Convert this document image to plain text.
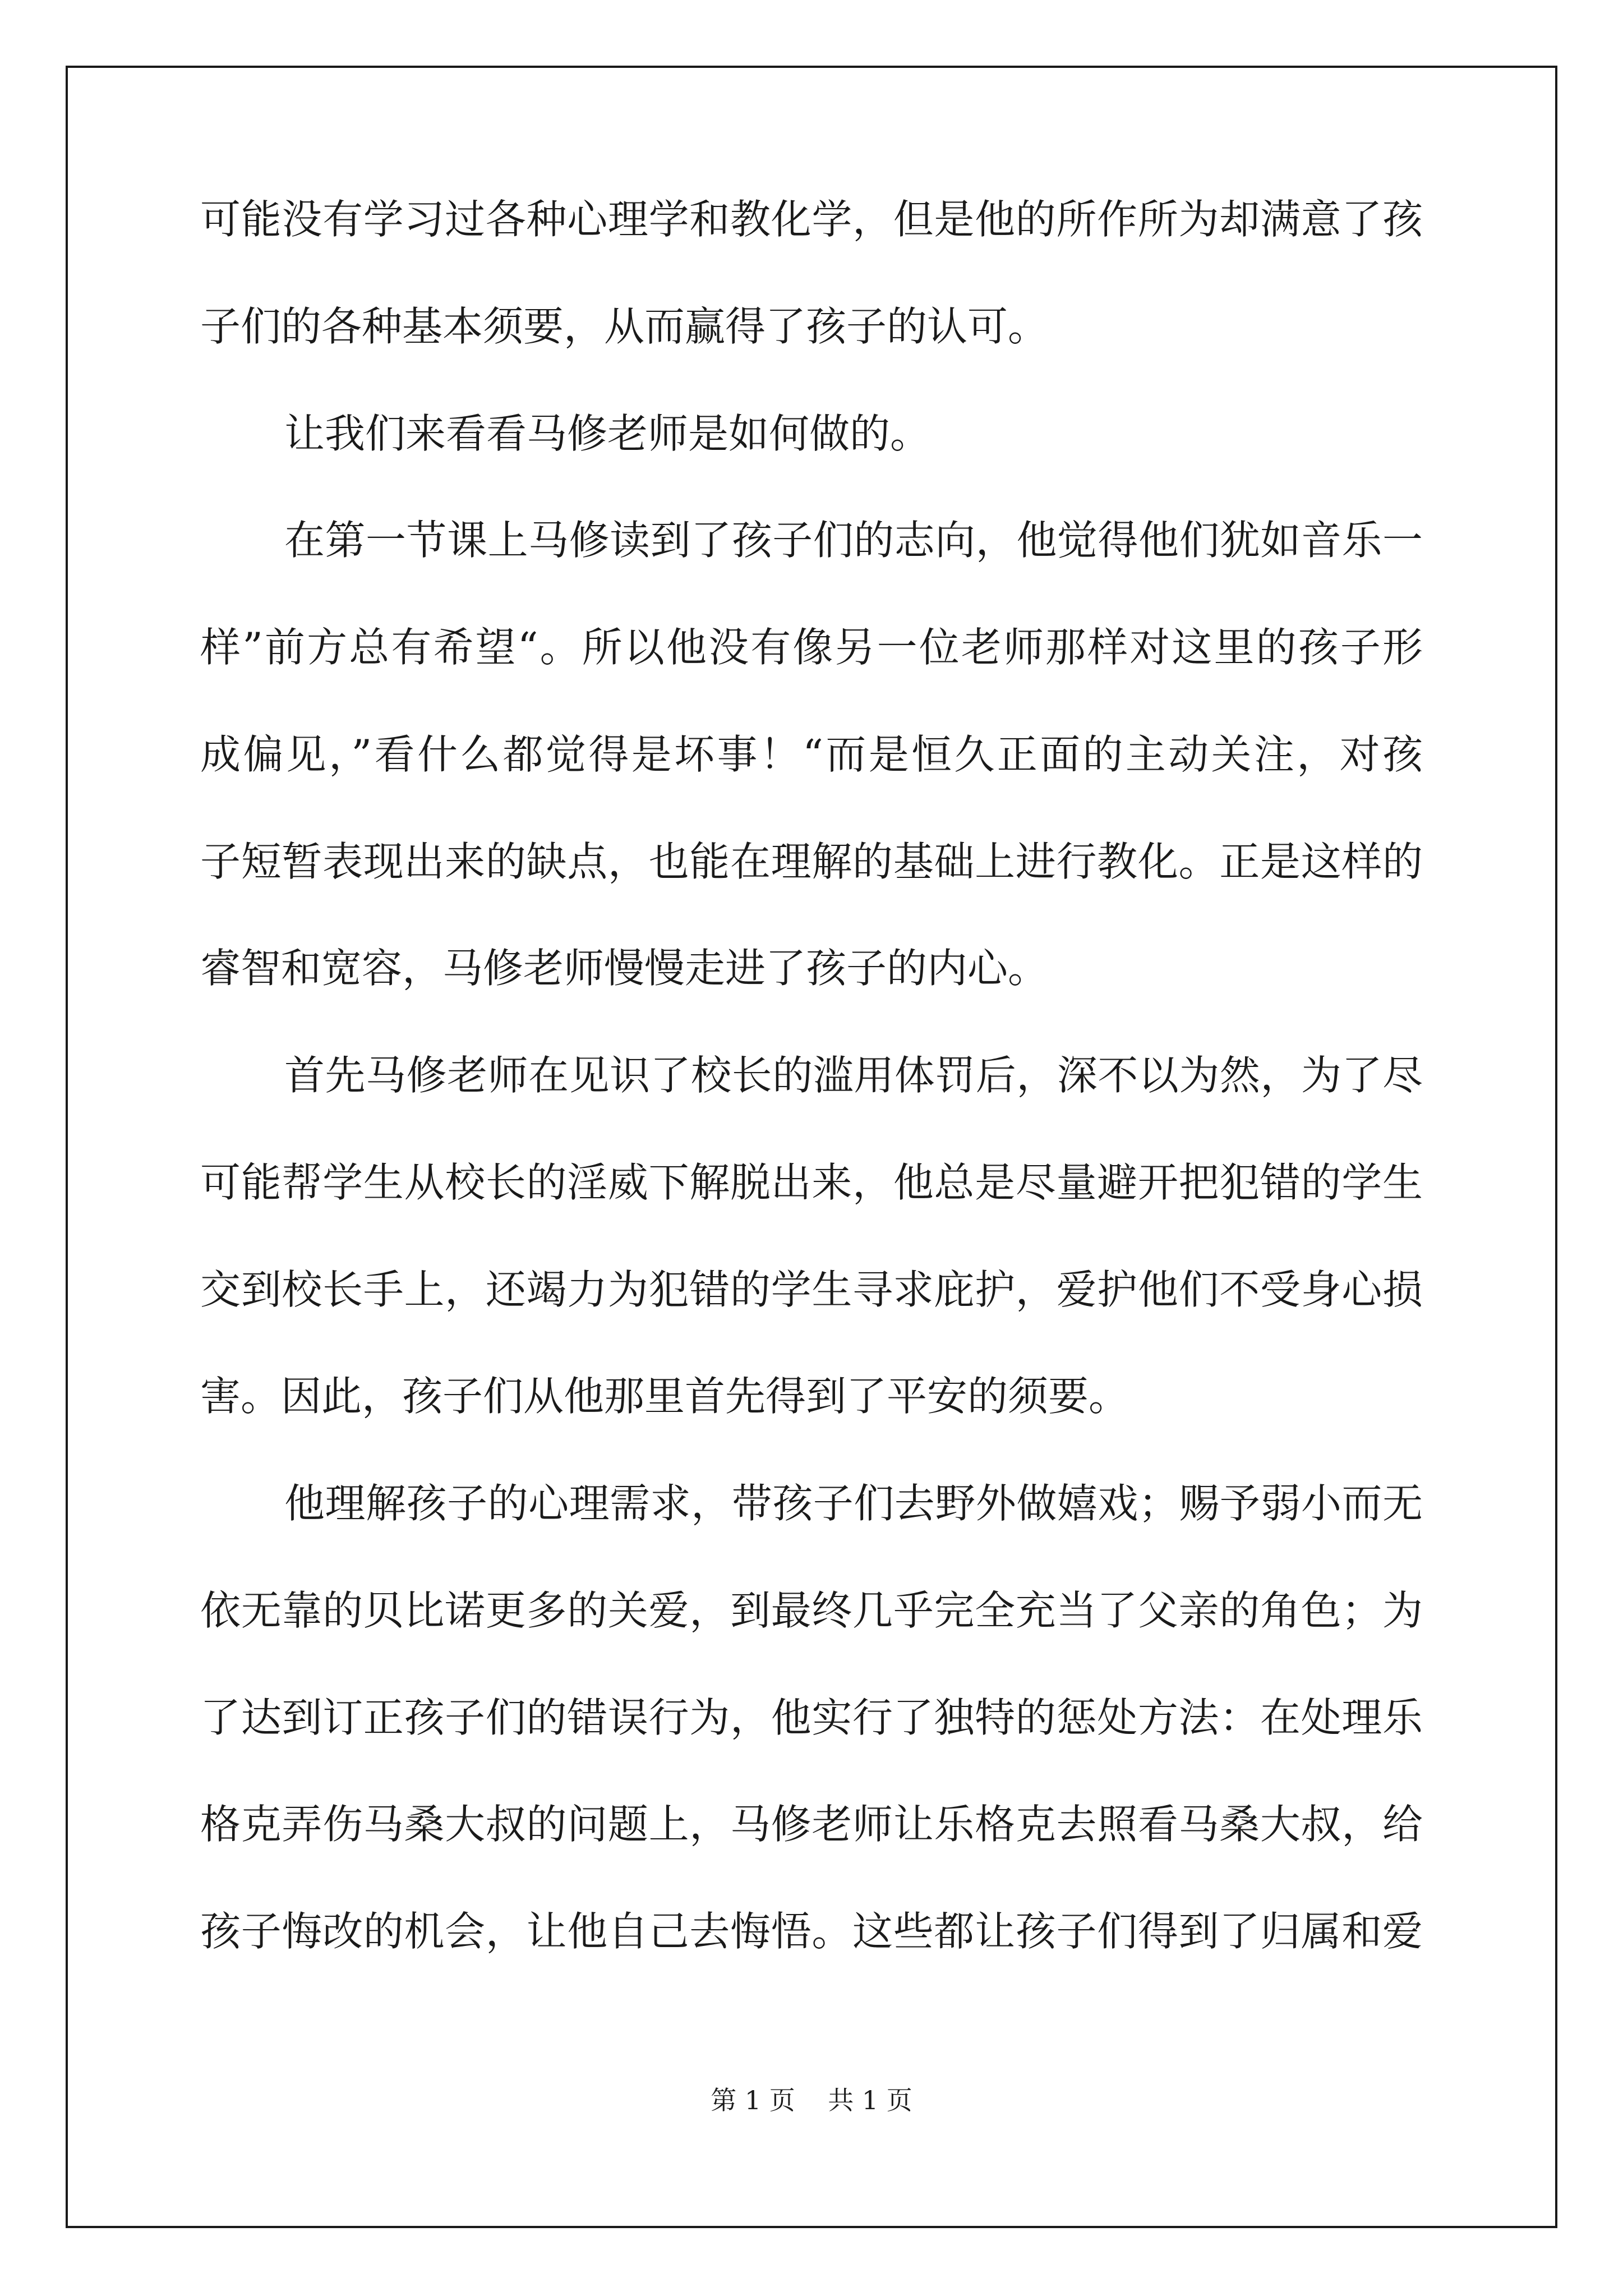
可能没有学习过各种心理学和教化学，但是他的所作所为却满意了孩
子们的各种基本须要，从而赢得了孩子的认可。
让我们来看看马修老师是如何做的。
在第一节课上马修读到了孩子们的志向，他觉得他们犹如音乐一
样”前方总有希望“。所以他没有像另一位老师那样对这里的孩子形
成偏见，”看什么都觉得是坏事！“而是恒久正面的主动关注，对孩
子短暂表现出来的缺点，也能在理解的基础上进行教化。正是这样的
睿智和宽容，马修老师慢慢走进了孩子的内心。
首先马修老师在见识了校长的滥用体罚后，深不以为然，为了尽
可能帮学生从校长的淫威下解脱出来，他总是尽量避开把犯错的学生
交到校长手上，还竭力为犯错的学生寻求庇护，爱护他们不受身心损
害。因此，孩子们从他那里首先得到了平安的须要。
他理解孩子的心理需求，带孩子们去野外做嬉戏；赐予弱小而无
依无靠的贝比诺更多的关爱，到最终几乎完全充当了父亲的角色；为
了达到订正孩子们的错误行为，他实行了独特的惩处方法：在处理乐
格克弄伤马桑大叔的问题上，马修老师让乐格克去照看马桑大叔，给
孩子悔改的机会，让他自己去悔悟。这些都让孩子们得到了归属和爱
第 1 页    共 1 页
